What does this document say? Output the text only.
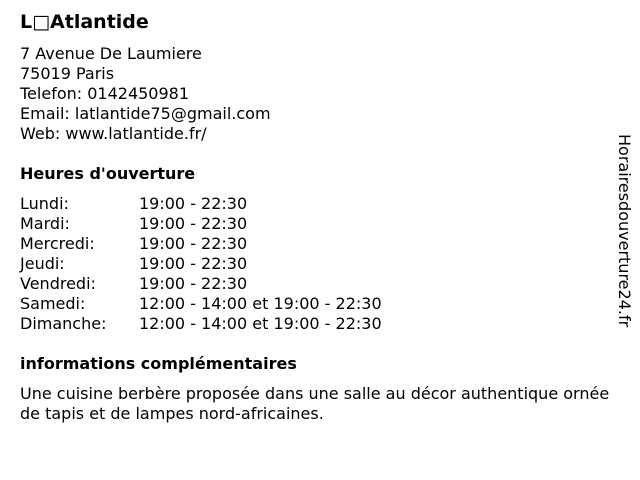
L□Atlantide
7 Avenue De Laumiere
75019 Paris
Telefon: 0142450981
Email: latlantide75@gmail.com
Web: www.latlantide.fr/
Heures d'ouverture
Lundi:	19:00 - 22:30
Mardi:	19:00 - 22:30
Mercredi:	19:00 - 22:30
Jeudi:	19:00 - 22:30
Vendredi:	19:00 - 22:30
Samedi:	12:00 - 14:00 et 19:00 - 22:30
Dimanche: 12:00 - 14:00 et 19:00 - 22:30
informations complémentaires
Une cuisine berbère proposée dans une salle au décor authentique ornée de tapis et de lampes nord-africaines.
Horairesdouverture24.fr
